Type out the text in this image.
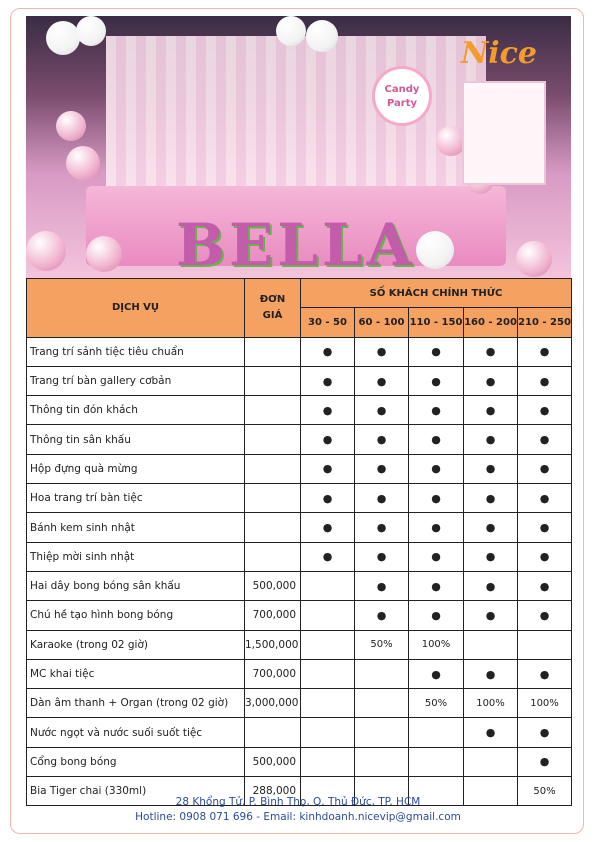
Candy
Party
BELLA
Nice
DỊCH VỤ	ĐƠN GIÁ	SỐ KHÁCH CHÍNH THỨC				
		30 - 50	60 - 100	110 - 150	160 - 200	210 - 250
Trang trí sảnh tiệc tiêu chuẩn		●	●	●	●	●
Trang trí bàn gallery cơbản		●	●	●	●	●
Thông tin đón khách		●	●	●	●	●
Thông tin sân khấu		●	●	●	●	●
Hộp đựng quà mừng		●	●	●	●	●
Hoa trang trí bàn tiệc		●	●	●	●	●
Bánh kem sinh nhật		●	●	●	●	●
Thiệp mời sinh nhật		●	●	●	●	●
Hai dây bong bóng sân khấu	500,000		●	●	●	●
Chú hề tạo hình bong bóng	700,000		●	●	●	●
Karaoke (trong 02 giờ)	1,500,000		50%	100%		
MC khai tiệc	700,000			●	●	●
Dàn âm thanh + Organ (trong 02 giờ)	3,000,000			50%	100%	100%
Nước ngọt và nước suối suốt tiệc					●	●
Cổng bong bóng	500,000					●
Bia Tiger chai (330ml)	288,000					50%
28 Khổng Tử, P. Bình Thọ, Q. Thủ Đức, TP. HCM
Hotline: 0908 071 696 - Email: kinhdoanh.nicevip@gmail.com
